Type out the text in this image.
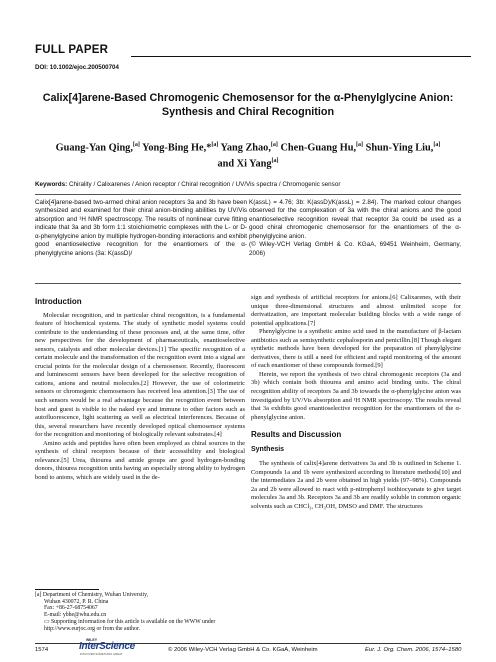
FULL PAPER
DOI: 10.1002/ejoc.200500704
Calix[4]arene-Based Chromogenic Chemosensor for the α-Phenylglycine Anion:
Synthesis and Chiral Recognition
Guang-Yan Qing,[a] Yong-Bing He,*[a] Yang Zhao,[a] Chen-Guang Hu,[a] Shun-Ying Liu,[a]
and Xi Yang[a]
Keywords: Chirality / Calixarenes / Anion receptor / Chiral recognition / UV/Vis spectra / Chromogenic sensor
Calix[4]arene-based two-armed chiral anion receptors 3a and 3b have been synthesized and examined for their chiral anion-binding abilities by UV/Vis absorption and ¹H NMR spectroscopy. The results of nonlinear curve fitting indicate that 3a and 3b form 1:1 stoichiometric complexes with the L- or D-α-phenylglycine anion by multiple hydrogen-bonding interactions and exhibit good enantioselective recognition for the enantiomers of the α-phenylglycine anions (3a: K(assD)/
K(assL) = 4.76; 3b: K(assD)/K(assL) = 2.84). The marked colour changes observed for the complexation of 3a with the chiral anions and the good enantioselective recognition reveal that receptor 3a could be used as a good chiral chromogenic chemosensor for the enantiomers of the α-phenylglycine anion.
(© Wiley-VCH Verlag GmbH & Co. KGaA, 69451 Weinheim, Germany, 2006)
Introduction

Molecular recognition, and in particular chiral recognition, is a fundamental feature of biochemical systems. The study of synthetic model systems could contribute to the understanding of these processes and, at the same time, offer new perspectives for the development of pharmaceuticals, enantioselective sensors, catalysts and other molecular devices.[1] The specific recognition of a certain molecule and the transformation of the recognition event into a signal are crucial points for the molecular design of a chemosensor. Recently, fluorescent and luminescent sensors have been developed for the selective recognition of cations, anions and neutral molecules.[2] However, the use of colorimetric sensors or chromogenic chemosensors has received less attention.[3] The use of such sensors would be a real advantage because the recognition event between host and guest is visible to the naked eye and immune to other factors such as autofluorescence, light scattering as well as electrical interferences. Because of this, several researchers have recently developed optical chemosensor systems for the recognition and monitoring of biologically relevant substrates.[4]

Amino acids and peptides have often been employed as chiral sources in the synthesis of chiral receptors because of their accessibility and biological relevance.[5] Urea, thiourea and amide groups are good hydrogen-bonding donors, thiourea recognition units having an especially strong ability to hydrogen bond to anions, which are widely used in the de-

sign and synthesis of artificial receptors for anions.[6] Calixarenes, with their unique three-dimensional structures and almost unlimited scope for derivatization, are important molecular building blocks with a wide range of potential applications.[7]

Phenylglycine is a synthetic amino acid used in the manufacture of β-lactam antibiotics such as semisynthetic cephalosporin and penicillin.[8] Though elegant synthetic methods have been developed for the preparation of phenylglycine derivatives, there is still a need for efficient and rapid monitoring of the amount of each enantiomer of these compounds formed.[9]

Herein, we report the synthesis of two chiral chromogenic receptors (3a and 3b) which contain both thiourea and amino acid binding units. The chiral recognition ability of receptors 3a and 3b towards the α-phenylglycine anion was investigated by UV/Vis absorption and ¹H NMR spectroscopy. The results reveal that 3a exhibits good enantioselective recognition for the enantiomers of the α-phenylglycine anion.

Results and Discussion
Synthesis

The synthesis of calix[4]arene derivatives 3a and 3b is outlined in Scheme 1. Compounds 1a and 1b were synthesized according to literature methods[10] and the intermediates 2a and 2b were obtained in high yields (97–98%). Compounds 2a and 2b were allowed to react with p-nitrophenyl isothiocyanate to give target molecules 3a and 3b. Receptors 3a and 3b are readily soluble in common organic solvents such as CHCl₃, CH₃OH, DMSO and DMF. The structures

[a] Department of Chemistry, Wuhan University,
Wuhan 430072, P. R. China
Fax: +86-27-68754067
E-mail: ybhe@whu.edu.cn
▭ Supporting information for this article is available on the WWW under http://www.eurjoc.org or from the author.
1574
WILEY
InterScience
DISCOVER SOMETHING GREAT
© 2006 Wiley-VCH Verlag GmbH & Co. KGaA, Weinheim	Eur. J. Org. Chem. 2006, 1574–1580
